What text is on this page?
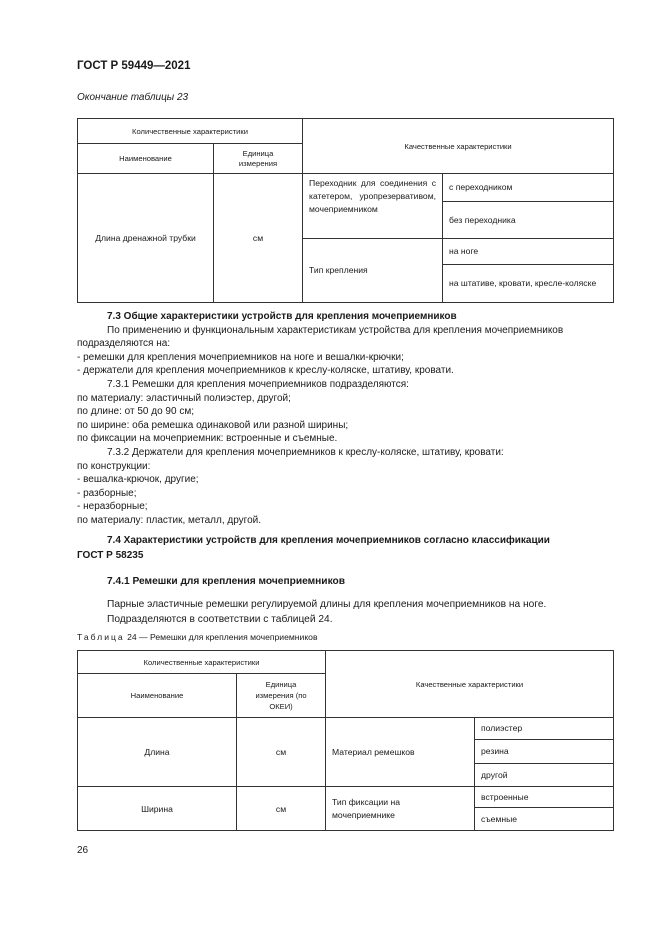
ГОСТ Р 59449—2021
Окончание таблицы 23
Количественные характеристики		Качественные характеристики	
Наименование	Единица измерения		

Длина дренажной трубки	см	Переходник для соединения с катетером, уропрезервативом, мочеприемником	с переходником

			без переходника

		Тип крепления	на ноге

			на штативе, кровати, кресле-коляске

7.3 Общие характеристики устройств для крепления мочеприемников

По применению и функциональным характеристикам устройства для крепления мочеприемников подразделяются на:

- ремешки для крепления мочеприемников на ноге и вешалки-крючки;

- держатели для крепления мочеприемников к креслу-коляске, штативу, кровати.

7.3.1 Ремешки для крепления мочеприемников подразделяются:

по материалу: эластичный полиэстер, другой;

по длине: от 50 до 90 см;

по ширине: оба ремешка одинаковой или разной ширины;

по фиксации на мочеприемник: встроенные и съемные.

7.3.2 Держатели для крепления мочеприемников к креслу-коляске, штативу, кровати:

по конструкции:

- вешалка-крючок, другие;

- разборные;

- неразборные;

по материалу: пластик, металл, другой.

7.4 Характеристики устройств для крепления мочеприемников согласно классификации
ГОСТ Р 58235
7.4.1 Ремешки для крепления мочеприемников

Парные эластичные ремешки регулируемой длины для крепления мочеприемников на ноге.

Подразделяются в соответствии с таблицей 24.

Таблица 24 — Ремешки для крепления мочеприемников
Количественные характеристики		Качественные характеристики	
Наименование	Единица измерения (по ОКЕИ)		

Длина	см	Материал ремешков	полиэстер

			резина

			другой

Ширина	см	Тип фиксации на мочеприемнике	встроенные

			съемные
26
